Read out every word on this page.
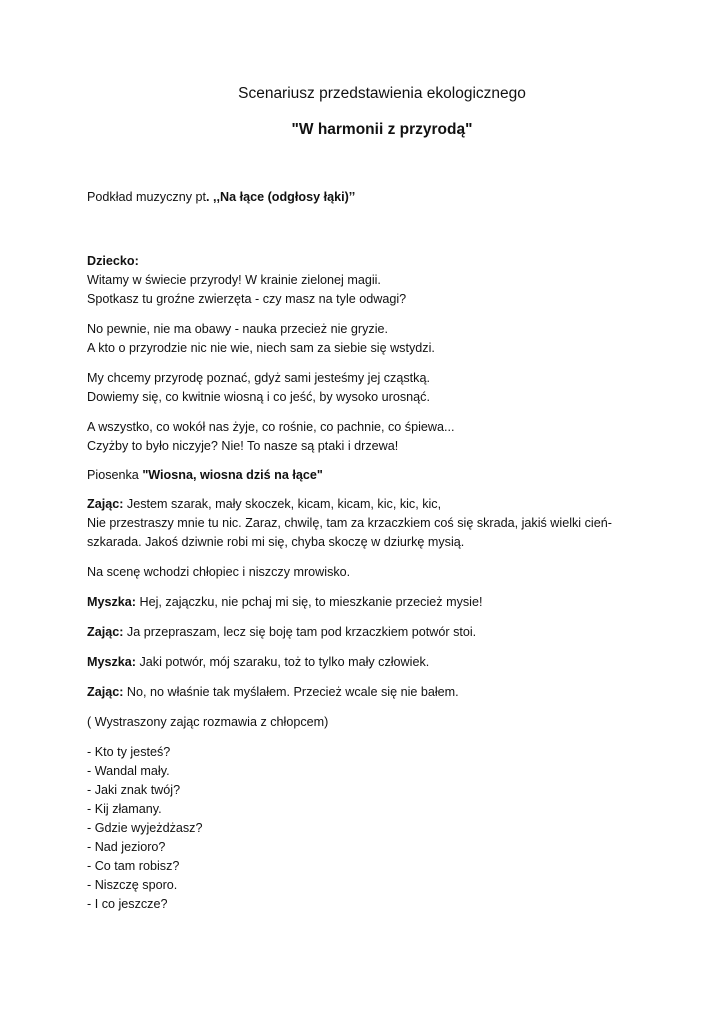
Scenariusz przedstawienia ekologicznego
"W harmonii z przyrodą"

Podkład muzyczny pt. ,,Na łące (odgłosy łąki)’’

Dziecko:

Witamy w świecie przyrody! W krainie zielonej magii.
Spotkasz tu groźne zwierzęta - czy masz na tyle odwagi?

No pewnie, nie ma obawy - nauka przecież nie gryzie.
A kto o przyrodzie nic nie wie, niech sam za siebie się wstydzi.

My chcemy przyrodę poznać, gdyż sami jesteśmy jej cząstką.
Dowiemy się, co kwitnie wiosną i co jeść, by wysoko urosnąć.

A wszystko, co wokół nas żyje, co rośnie, co pachnie, co śpiewa...
Czyżby to było niczyje? Nie! To nasze są ptaki i drzewa!

Piosenka "Wiosna, wiosna dziś na łące"

Zając: Jestem szarak, mały skoczek, kicam, kicam, kic, kic, kic,
Nie przestraszy mnie tu nic. Zaraz, chwilę, tam za krzaczkiem coś się skrada, jakiś wielki cień-
szkarada. Jakoś dziwnie robi mi się, chyba skoczę w dziurkę mysią.

Na scenę wchodzi chłopiec i niszczy mrowisko.

Myszka: Hej, zajączku, nie pchaj mi się, to mieszkanie przecież mysie!

Zając: Ja przepraszam, lecz się boję tam pod krzaczkiem potwór stoi.

Myszka: Jaki potwór, mój szaraku, toż to tylko mały człowiek.

Zając: No, no właśnie tak myślałem. Przecież wcale się nie bałem.

( Wystraszony zając rozmawia z chłopcem)

- Kto ty jesteś?
- Wandal mały.
- Jaki znak twój?
- Kij złamany.
- Gdzie wyjeżdżasz?
- Nad jezioro?
- Co tam robisz?
- Niszczę sporo.
- I co jeszcze?
